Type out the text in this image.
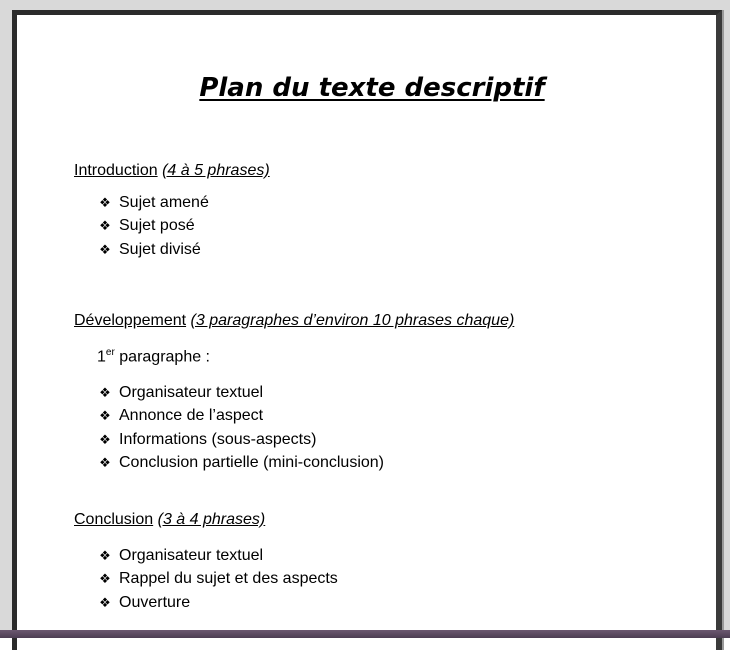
Plan du texte descriptif
Introduction (4 à 5 phrases)
❖ Sujet amené
❖ Sujet posé
❖ Sujet divisé
Développement (3 paragraphes d’environ 10 phrases chaque)
1er paragraphe :
❖ Organisateur textuel
❖ Annonce de l’aspect
❖ Informations (sous-aspects)
❖ Conclusion partielle (mini-conclusion)
Conclusion (3 à 4 phrases)
❖ Organisateur textuel
❖ Rappel du sujet et des aspects
❖ Ouverture
